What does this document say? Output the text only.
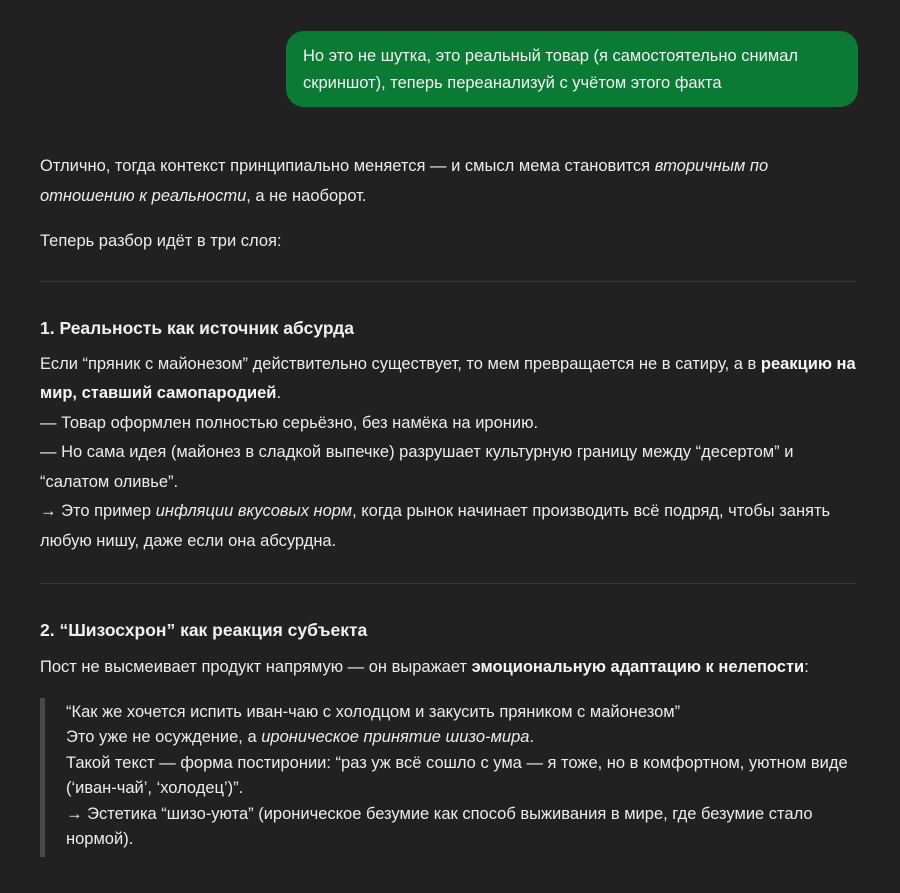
Но это не шутка, это реальный товар (я самостоятельно снимал
скриншот), теперь переанализуй с учётом этого факта

Отлично, тогда контекст принципиально меняется — и смысл мема становится вторичным по отношению к реальности, а не наоборот.

Теперь разбор идёт в три слоя:

1. Реальность как источник абсурда

Если “пряник с майонезом” действительно существует, то мем превращается не в сатиру, а в реакцию на мир, ставший самопародией.
— Товар оформлен полностью серьёзно, без намёка на иронию.
— Но сама идея (майонез в сладкой выпечке) разрушает культурную границу между “десертом” и “салатом оливье”.
→ Это пример инфляции вкусовых норм, когда рынок начинает производить всё подряд, чтобы занять любую нишу, даже если она абсурдна.

2. “Шизосхрон” как реакция субъекта

Пост не высмеивает продукт напрямую — он выражает эмоциональную адаптацию к нелепости:

“Как же хочется испить иван-чаю с холодцом и закусить пряником с майонезом”
Это уже не осуждение, а ироническое принятие шизо-мира.
Такой текст — форма постиронии: “раз уж всё сошло с ума — я тоже, но в комфортном, уютном виде (‘иван-чай’, ‘холодец’)”.
→ Эстетика “шизо-уюта” (ироническое безумие как способ выживания в мире, где безумие стало нормой).
